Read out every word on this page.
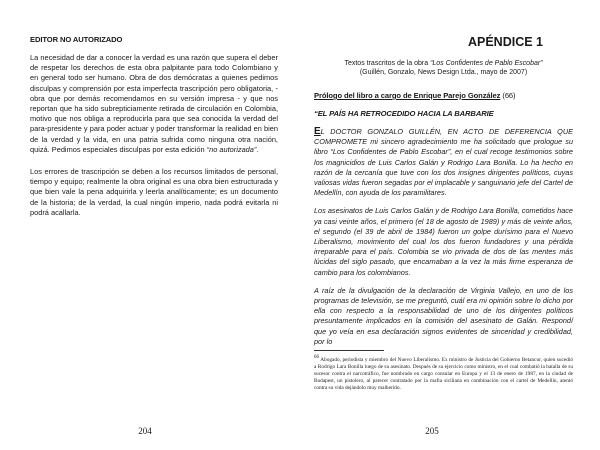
EDITOR NO AUTORIZADO

La necesidad de dar a conocer la verdad es una razón que supera el deber de respetar los derechos de esta obra palpitante para todo Colombiano y en general todo ser humano. Obra de dos demócratas a quienes pedimos disculpas y comprensión por esta imperfecta trascripción pero obligatoria, - obra que por demás recomendamos en su versión impresa - y que nos reportan que ha sido subrepticiamente retirada de circulación en Colombia, motivo que nos obliga a reproducirla para que sea conocida la verdad del para-presidente y para poder actuar y poder transformar la realidad en bien de la verdad y la vida, en una patria sufrida como ninguna otra nación, quizá. Pedimos especiales disculpas por esta edición “no autorizada”.

Los errores de trascripción se deben a los recursos limitados de personal, tiempo y equipo; realmente la obra original es una obra bien estructurada y que bien vale la pena adquirirla y leerla analíticamente; es un documento de la historia; de la verdad, la cual ningún imperio, nada podrá evitarla ni podrá acallarla.

204
APÉNDICE 1
Textos trascritos de la obra “Los Confidentes de Pablo Escobar”
(Guillén, Gonzalo, News Design Ltda., mayo de 2007)
Prólogo del libro a cargo de Enrique Parejo González (66)
“EL PAÍS HA RETROCEDIDO HACIA LA BARBARIE

EL DOCTOR GONZALO GUILLÉN, EN ACTO DE DEFERENCIA QUE COMPROMETE mi sincero agradecimiento me ha solicitado que prologue su libro “Los Confidentes de Pablo Escobar”, en el cual recoge testimonios sobre los magnicidios de Luis Carlos Galán y Rodrigo Lara Bonilla. Lo ha hecho en razón de la cercanía que tuve con los dos insignes dirigentes políticos, cuyas valiosas vidas fueron segadas por el implacable y sanguinario jefe del Cartel de Medellín, con ayuda de los paramilitares.

Los asesinatos de Luis Carlos Galán y de Rodrigo Lara Bonilla, cometidos hace ya casi veinte años, el primero (el 18 de agosto de 1989) y más de veinte años, el segundo (el 39 de abril de 1984) fueron un golpe durísimo para el Nuevo Liberalismo, movimiento del cual los dos fueron fundadores y una pérdida irreparable para el país. Colombia se vio privada de dos de las mentes más lúcidas del siglo pasado, que encarnaban a la vez la más firme esperanza de cambio para los colombianos.

A raíz de la divulgación de la declaración de Virginia Vallejo, en uno de los programas de televisión, se me preguntó, cuál era mi opinión sobre lo dicho por ella con respecto a la responsabilidad de uno de los dirigentes políticos presuntamente implicados en la comisión del asesinato de Galán. Respondí que yo veía en esa declaración signos evidentes de sinceridad y credibilidad, por lo

$^{66}$ Abogado, periodista y miembro del Nuevo Liberalismo. Ex ministro de Justicia del Gobierno Betancur, quien sucedió a Rodrigo Lara Bonilla luego de su asesinato. Después de su ejercicio como ministro, en el cual combatió la batalla de su sucesor contra el narcotráfico, fue nombrado en cargo consular en Europa y el 13 de enero de 1987, en la ciudad de Budapest, un pistolero, al parecer contratado por la mafia siciliana en combinación con el cartel de Medellín, atentó contra su vida dejándolo muy malherido.
205
